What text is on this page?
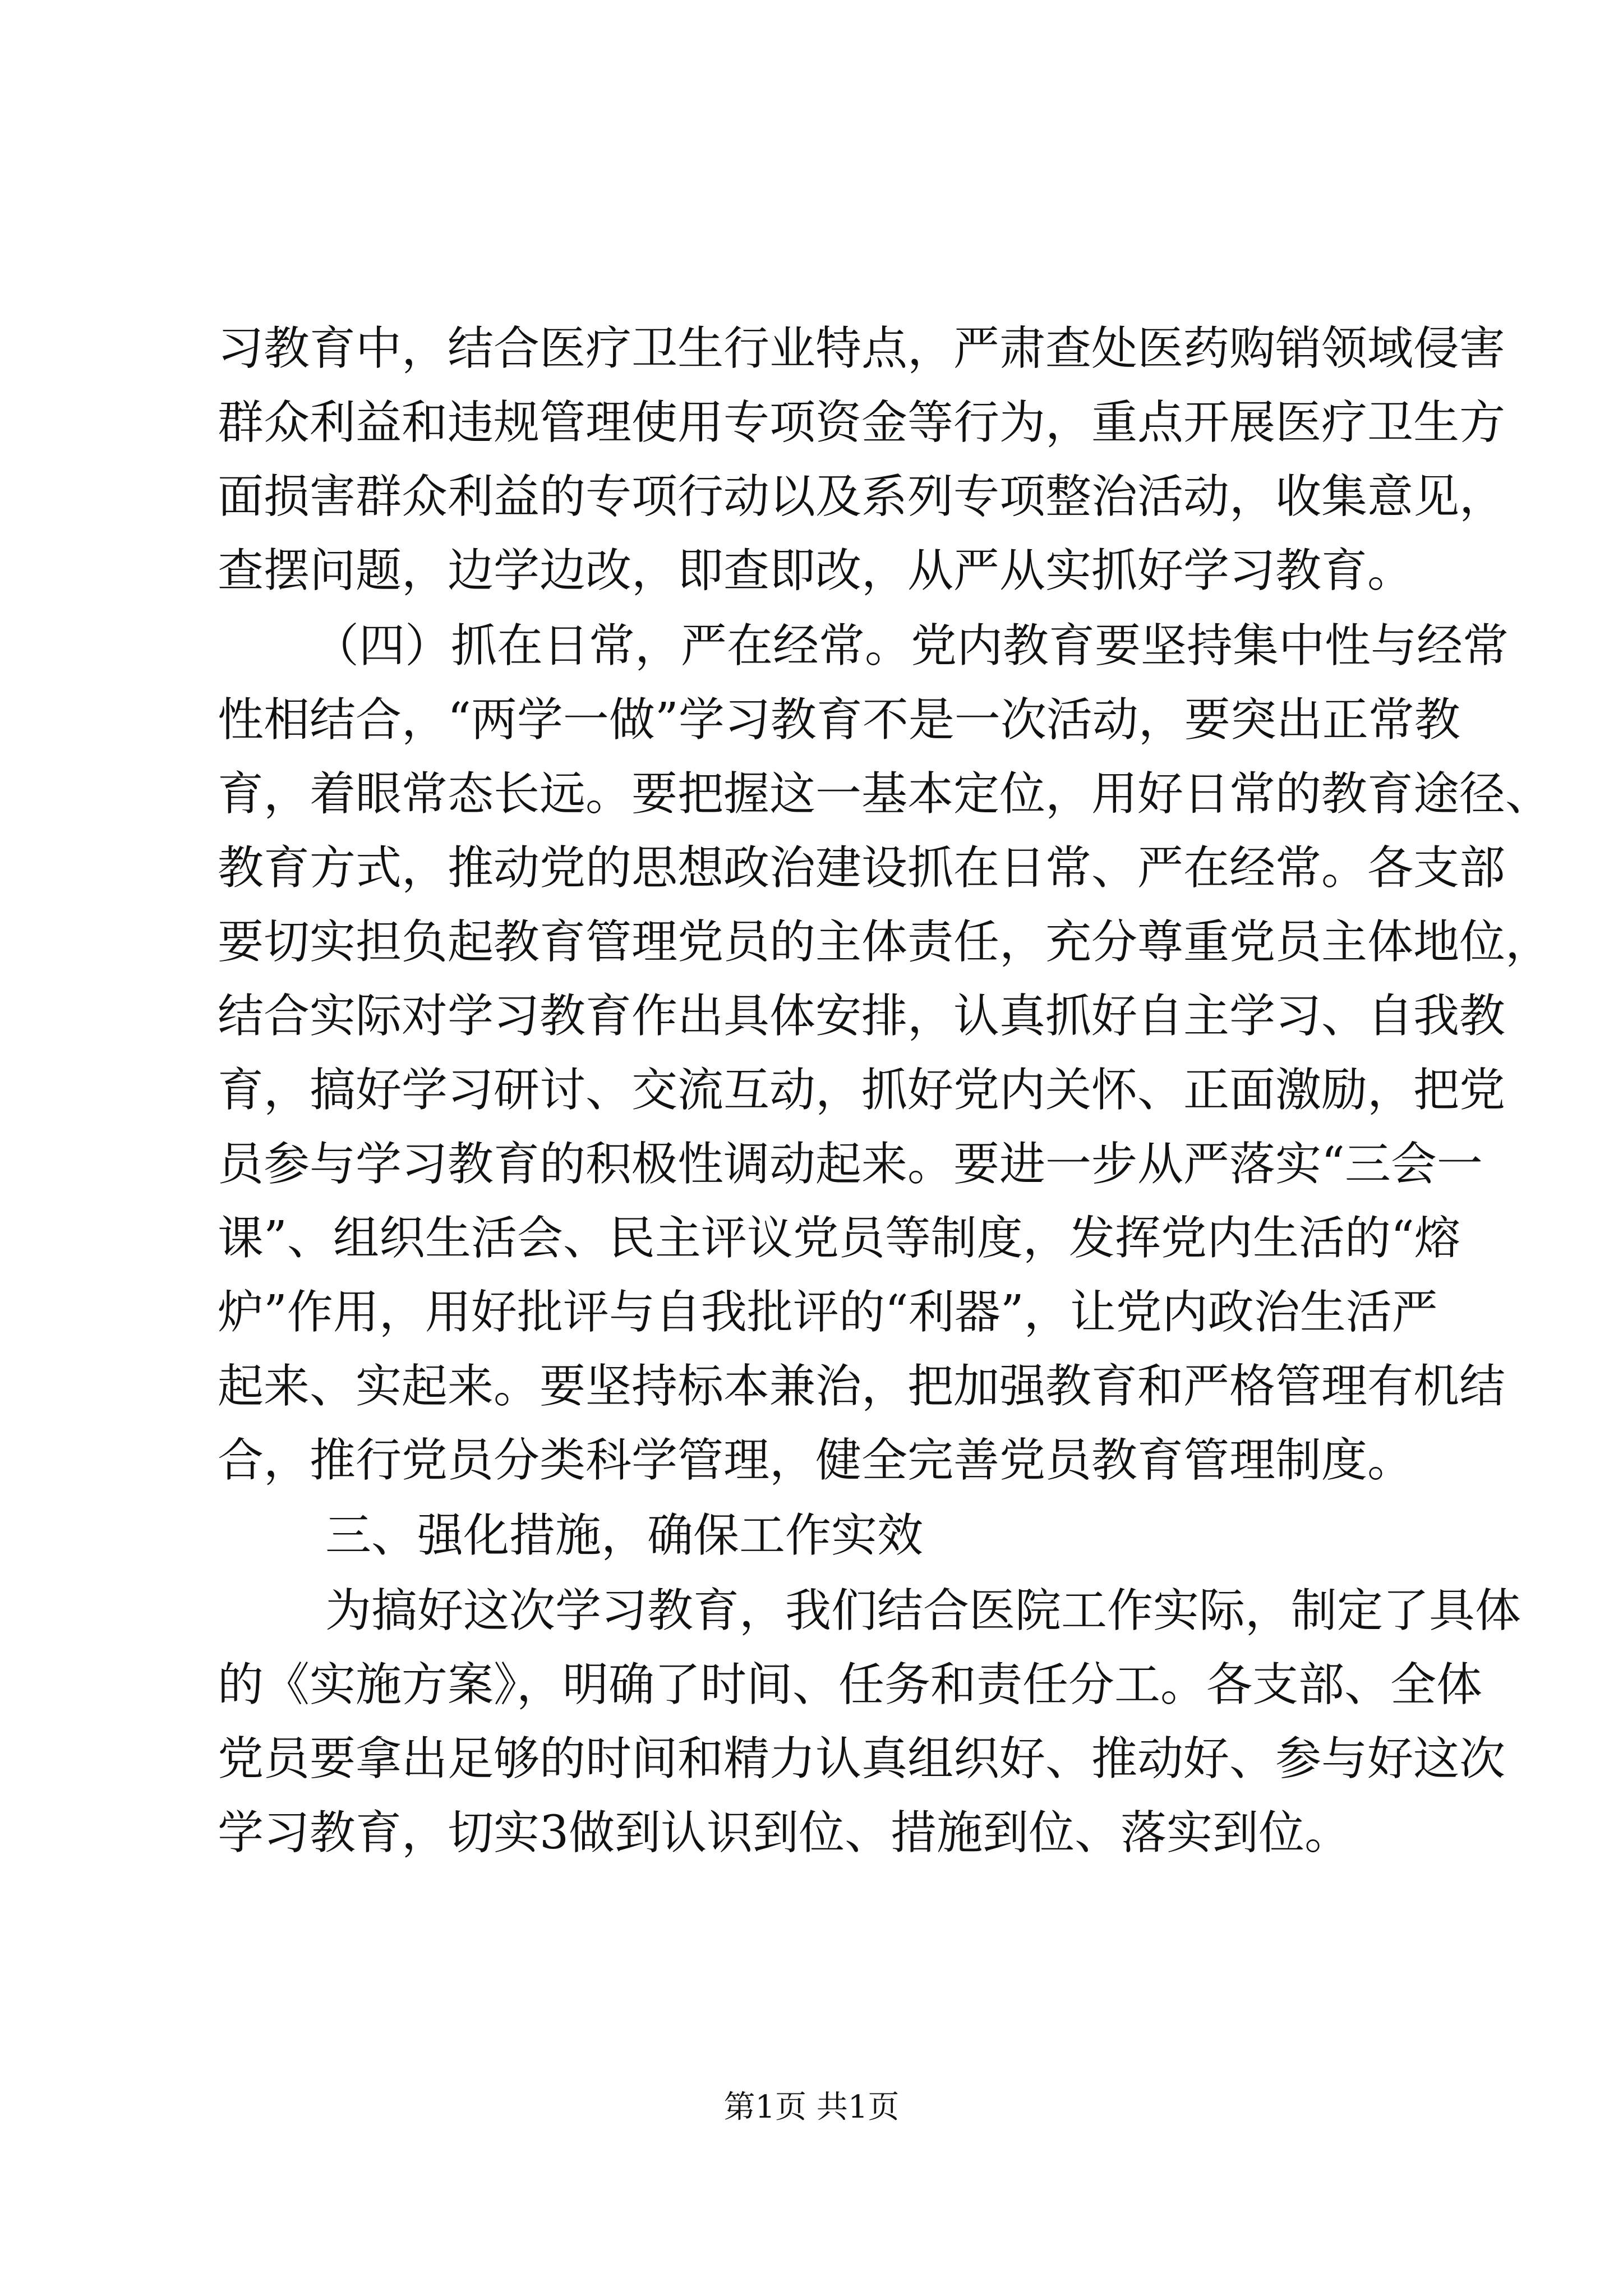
习教育中，结合医疗卫生行业特点，严肃查处医药购销领域侵害

群众利益和违规管理使用专项资金等行为，重点开展医疗卫生方

面损害群众利益的专项行动以及系列专项整治活动，收集意见，

查摆问题，边学边改，即查即改，从严从实抓好学习教育。

（四）抓在日常，严在经常。党内教育要坚持集中性与经常

性相结合，“两学一做”学习教育不是一次活动，要突出正常教

育，着眼常态长远。要把握这一基本定位，用好日常的教育途径、

教育方式，推动党的思想政治建设抓在日常、严在经常。各支部

要切实担负起教育管理党员的主体责任，充分尊重党员主体地位，

结合实际对学习教育作出具体安排，认真抓好自主学习、自我教

育，搞好学习研讨、交流互动，抓好党内关怀、正面激励，把党

员参与学习教育的积极性调动起来。要进一步从严落实“三会一

课”、组织生活会、民主评议党员等制度，发挥党内生活的“熔

炉”作用，用好批评与自我批评的“利器”，让党内政治生活严

起来、实起来。要坚持标本兼治，把加强教育和严格管理有机结

合，推行党员分类科学管理，健全完善党员教育管理制度。

三、强化措施，确保工作实效

为搞好这次学习教育，我们结合医院工作实际，制定了具体

的《实施方案》，明确了时间、任务和责任分工。各支部、全体

党员要拿出足够的时间和精力认真组织好、推动好、参与好这次

学习教育，切实3做到认识到位、措施到位、落实到位。

第1页 共1页
